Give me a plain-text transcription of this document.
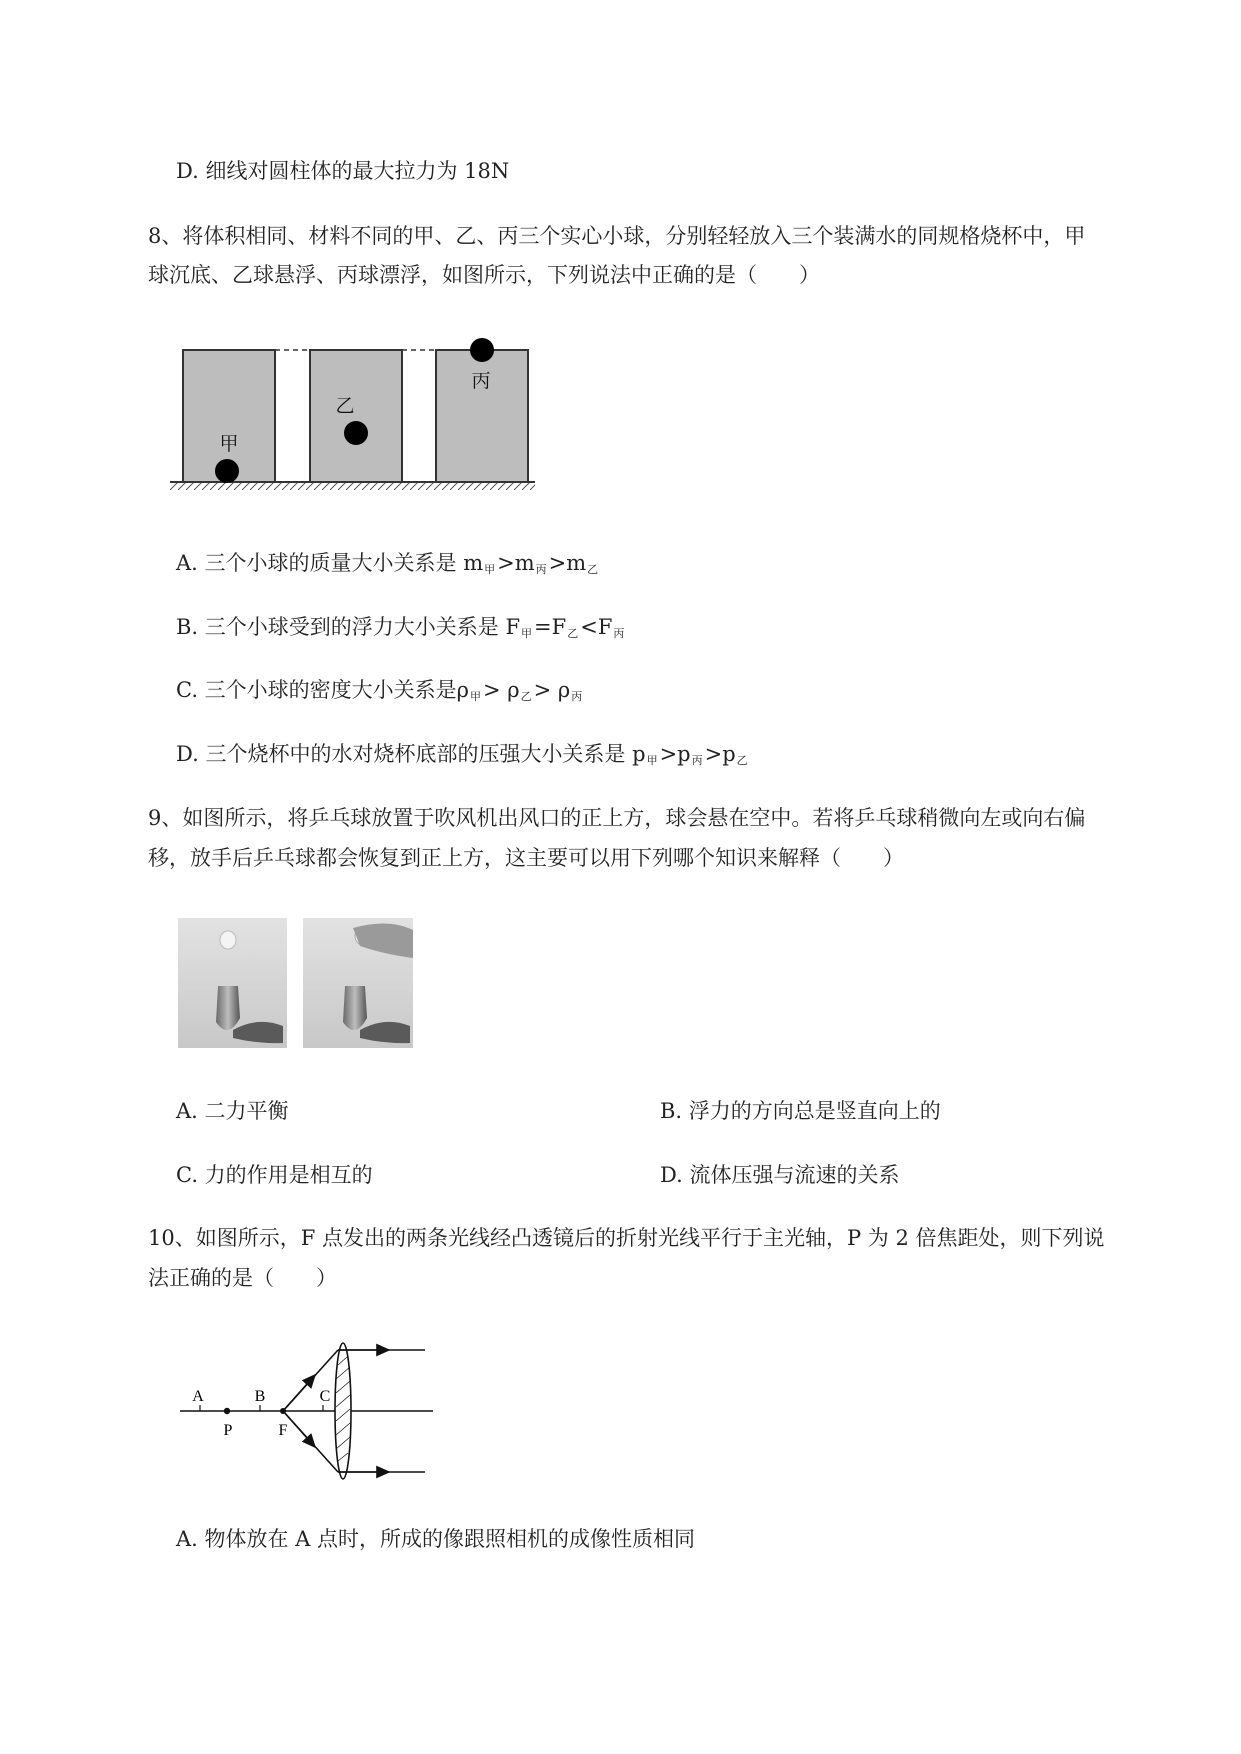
D. 细线对圆柱体的最大拉力为 18N
8、将体积相同、材料不同的甲、乙、丙三个实心小球，分别轻轻放入三个装满水的同规格烧杯中，甲
球沉底、乙球悬浮、丙球漂浮，如图所示，下列说法中正确的是（　　）
甲
乙
丙
A. 三个小球的质量大小关系是 $m_甲>m_丙>m_乙$
B. 三个小球受到的浮力大小关系是 $F_甲=F_乙<F_丙$
C. 三个小球的密度大小关系是$\rho_甲> \rho_乙> \rho_丙$
D. 三个烧杯中的水对烧杯底部的压强大小关系是 $p_甲>p_丙>p_乙$
9、如图所示，将乒乓球放置于吹风机出风口的正上方，球会悬在空中。若将乒乓球稍微向左或向右偏
移，放手后乒乓球都会恢复到正上方，这主要可以用下列哪个知识来解释（　　）
A. 二力平衡	B. 浮力的方向总是竖直向上的
C. 力的作用是相互的	D. 流体压强与流速的关系
10、如图所示，F 点发出的两条光线经凸透镜后的折射光线平行于主光轴，P 为 2 倍焦距处，则下列说
法正确的是（　　）
A	B	C
P	F
A. 物体放在 A 点时，所成的像跟照相机的成像性质相同
